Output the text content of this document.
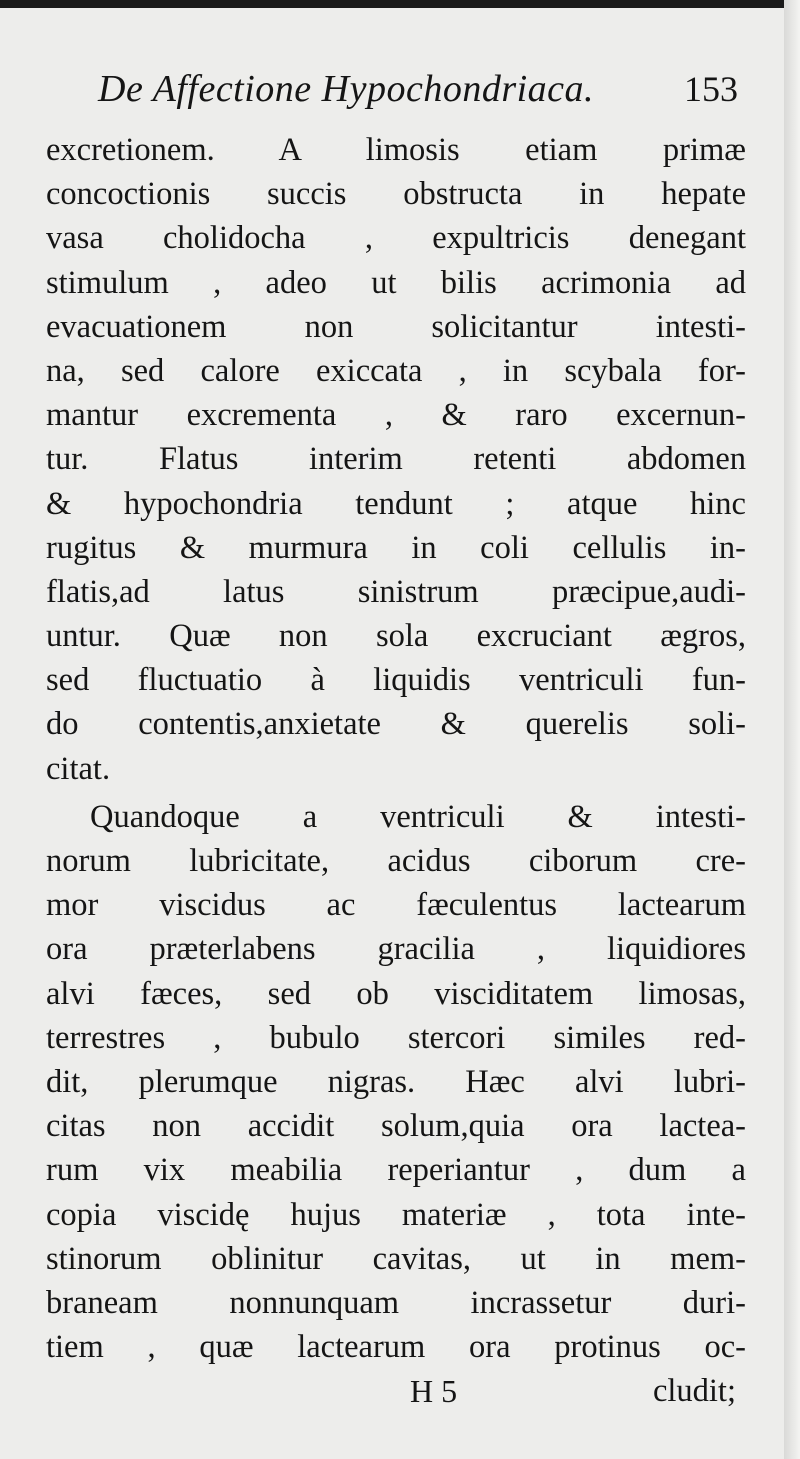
De Affectione Hypochondriaca. 153
excretionem. A limosis etiam primæ
concoctionis succis obstructa in hepate
vasa cholidocha , expultricis denegant
stimulum , adeo ut bilis acrimonia ad
evacuationem non solicitantur intesti-
na, sed calore exiccata , in scybala for-
mantur excrementa , & raro excernun-
tur. Flatus interim retenti abdomen
& hypochondria tendunt ; atque hinc
rugitus & murmura in coli cellulis in-
flatis,ad latus sinistrum præcipue,audi-
untur. Quæ non sola excruciant ægros,
sed fluctuatio à liquidis ventriculi fun-
do contentis,anxietate & querelis soli-
citat.
Quandoque a ventriculi & intesti-
norum lubricitate, acidus ciborum cre-
mor viscidus ac fæculentus lactearum
ora præterlabens gracilia , liquidiores
alvi fæces, sed ob visciditatem limosas,
terrestres , bubulo stercori similes red-
dit, plerumque nigras. Hæc alvi lubri-
citas non accidit solum,quia ora lactea-
rum vix meabilia reperiantur , dum a
copia viscidę hujus materiæ , tota inte-
stinorum oblinitur cavitas, ut in mem-
braneam nonnunquam incrassetur duri-
tiem , quæ lactearum ora protinus oc-
H 5	cludit;
